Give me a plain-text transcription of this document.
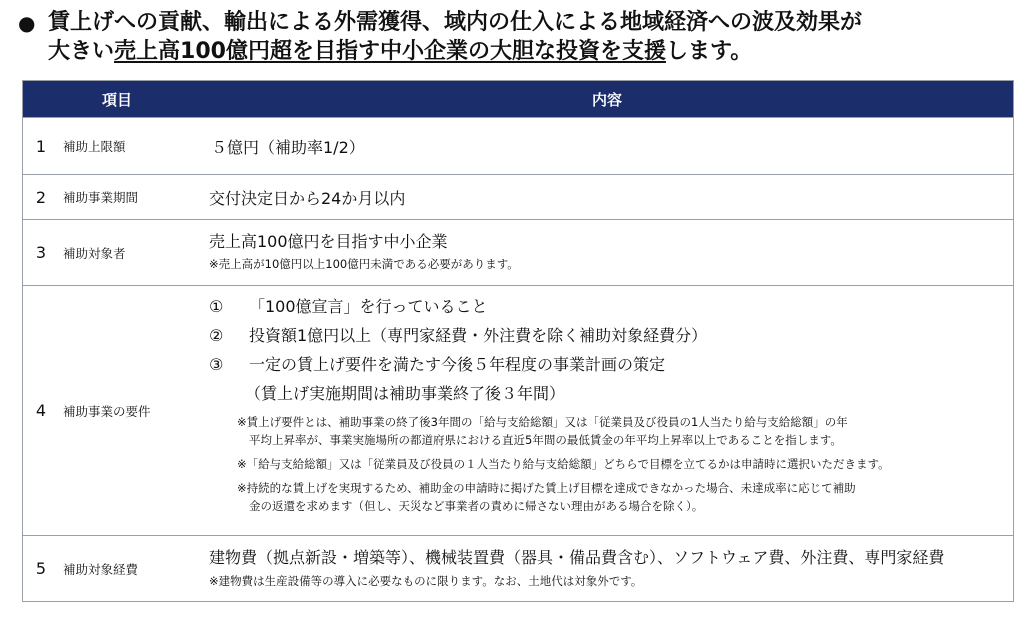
● 賃上げへの貢献、輸出による外需獲得、域内の仕入による地域経済への波及効果が
大きい売上高100億円超を目指す中小企業の大胆な投資を支援します。
項目	内容
1	補助上限額	５億円（補助率1/2）
2	補助事業期間	交付決定日から24か月以内
3	補助対象者
売上高100億円を目指す中小企業
※売上高が10億円以上100億円未満である必要があります。
4	補助事業の要件
①	「100億宣言」を行っていること
②	投資額1億円以上（専門家経費・外注費を除く補助対象経費分）
③	一定の賃上げ要件を満たす今後５年程度の事業計画の策定
（賃上げ実施期間は補助事業終了後３年間）
※賃上げ要件とは、補助事業の終了後3年間の「給与支給総額」又は「従業員及び役員の1人当たり給与支給総額」の年
平均上昇率が、事業実施場所の都道府県における直近5年間の最低賃金の年平均上昇率以上であることを指します。
※「給与支給総額」又は「従業員及び役員の１人当たり給与支給総額」どちらで目標を立てるかは申請時に選択いただきます。
※持続的な賃上げを実現するため、補助金の申請時に掲げた賃上げ目標を達成できなかった場合、未達成率に応じて補助
金の返還を求めます（但し、天災など事業者の責めに帰さない理由がある場合を除く）。
5	補助対象経費
建物費（拠点新設・増築等）、機械装置費（器具・備品費含む）、ソフトウェア費、外注費、専門家経費
※建物費は生産設備等の導入に必要なものに限ります。なお、土地代は対象外です。
